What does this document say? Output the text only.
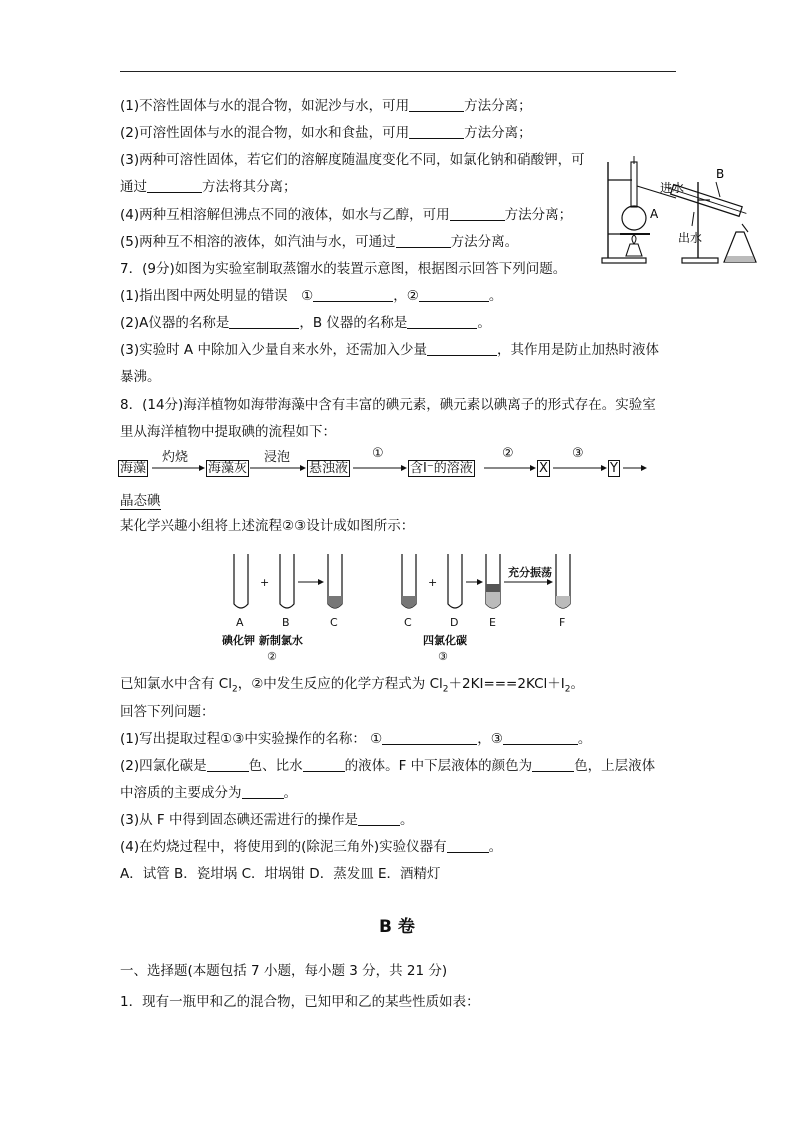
(1)不溶性固体与水的混合物，如泥沙与水，可用	方法分离；
(2)可溶性固体与水的混合物，如水和食盐，可用	方法分离；
(3)两种可溶性固体，若它们的溶解度随温度变化不同，如氯化钠和硝酸钾，可
通过	方法将其分离；
(4)两种互相溶解但沸点不同的液体，如水与乙醇，可用	方法分离；
(5)两种互不相溶的液体，如汽油与水，可通过	方法分离。
进水
B
A
出水
7．(9分)如图为实验室制取蒸馏水的装置示意图，根据图示回答下列问题。
(1)指出图中两处明显的错误　①	，②	。
(2)A仪器的名称是	，B 仪器的名称是	。
(3)实验时 A 中除加入少量自来水外，还需加入少量	，其作用是防止加热时液体
暴沸。
8．(14分)海洋植物如海带海藻中含有丰富的碘元素，碘元素以碘离子的形式存在。实验室
里从海洋植物中提取碘的流程如下：
海藻
灼烧
海藻灰
浸泡
悬浊液
①
含I⁻的溶液
②
X
③
Y
晶态碘
某化学兴趣小组将上述流程②③设计成如图所示：
+	+
A	B	C	C	D	E	F
充分振荡
碘化钾 新制氯水
②
四氯化碳
③
已知氯水中含有 $Cl_2$，②中发生反应的化学方程式为 $Cl_2+2KI===2KCl+I_2$。
回答下列问题：
(1)写出提取过程①③中实验操作的名称： ①	，③	。
(2)四氯化碳是	色、比水	的液体。F 中下层液体的颜色为	色，上层液体
中溶质的主要成分为	。
(3)从 F 中得到固态碘还需进行的操作是	。
(4)在灼烧过程中，将使用到的(除泥三角外)实验仪器有	。
A．试管 B．瓷坩埚 C．坩埚钳 D．蒸发皿 E．酒精灯
B 卷
一、选择题(本题包括 7 小题，每小题 3 分，共 21 分)
1．现有一瓶甲和乙的混合物，已知甲和乙的某些性质如表：
